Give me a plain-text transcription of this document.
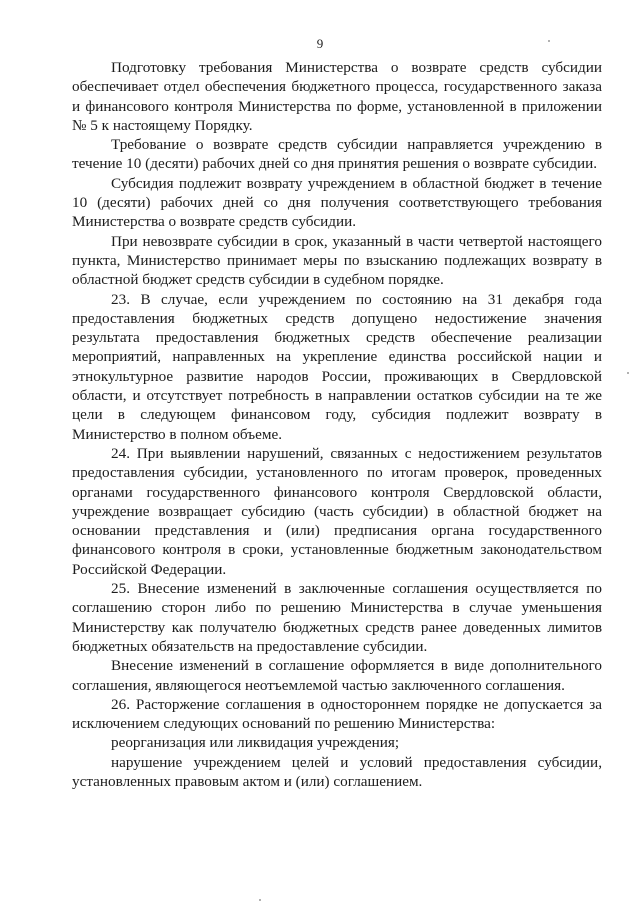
9

Подготовку требования Министерства о возврате средств субсидии обеспечивает отдел обеспечения бюджетного процесса, государственного заказа и финансового контроля Министерства по форме, установленной в приложении № 5 к настоящему Порядку.

Требование о возврате средств субсидии направляется учреждению в течение 10 (десяти) рабочих дней со дня принятия решения о возврате субсидии.

Субсидия подлежит возврату учреждением в областной бюджет в течение 10 (десяти) рабочих дней со дня получения соответствующего требования Министерства о возврате средств субсидии.

При невозврате субсидии в срок, указанный в части четвертой настоящего пункта, Министерство принимает меры по взысканию подлежащих возврату в областной бюджет средств субсидии в судебном порядке.

23. В случае, если учреждением по состоянию на 31 декабря года предоставления бюджетных средств допущено недостижение значения результата предоставления бюджетных средств обеспечение реализации мероприятий, направленных на укрепление единства российской нации и этнокультурное развитие народов России, проживающих в Свердловской области, и отсутствует потребность в направлении остатков субсидии на те же цели в следующем финансовом году, субсидия подлежит возврату в Министерство в полном объеме.

24. При выявлении нарушений, связанных с недостижением результатов предоставления субсидии, установленного по итогам проверок, проведенных органами государственного финансового контроля Свердловской области, учреждение возвращает субсидию (часть субсидии) в областной бюджет на основании представления и (или) предписания органа государственного финансового контроля в сроки, установленные бюджетным законодательством Российской Федерации.

25. Внесение изменений в заключенные соглашения осуществляется по соглашению сторон либо по решению Министерства в случае уменьшения Министерству как получателю бюджетных средств ранее доведенных лимитов бюджетных обязательств на предоставление субсидии.

Внесение изменений в соглашение оформляется в виде дополнительного соглашения, являющегося неотъемлемой частью заключенного соглашения.

26. Расторжение соглашения в одностороннем порядке не допускается за исключением следующих оснований по решению Министерства:

реорганизация или ликвидация учреждения;

нарушение учреждением целей и условий предоставления субсидии, установленных правовым актом и (или) соглашением.
